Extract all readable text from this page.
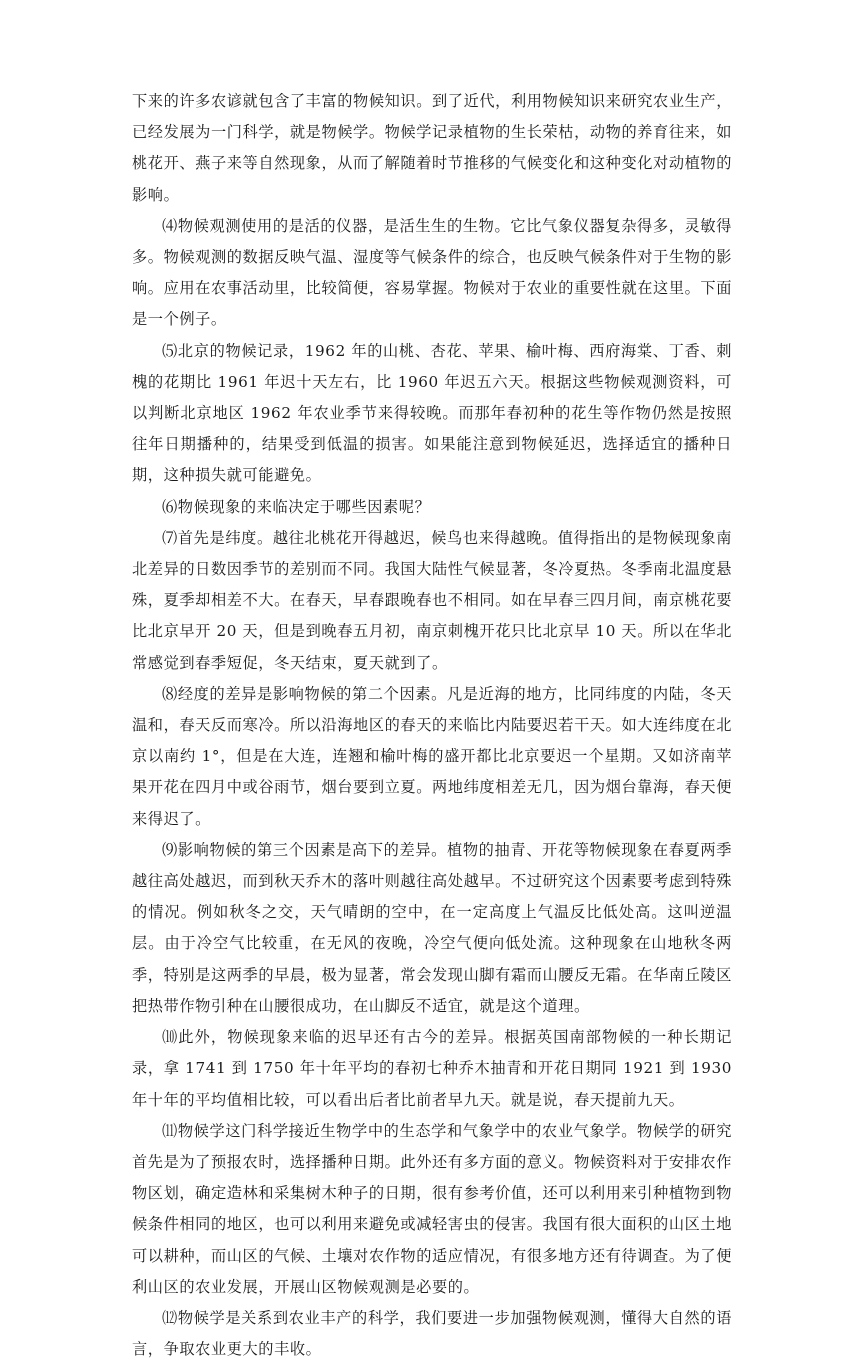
下来的许多农谚就包含了丰富的物候知识。到了近代，利用物候知识来研究农业生产，已经发展为一门科学，就是物候学。物候学记录植物的生长荣枯，动物的养育往来，如桃花开、燕子来等自然现象，从而了解随着时节推移的气候变化和这种变化对动植物的影响。

⑷物候观测使用的是活的仪器，是活生生的生物。它比气象仪器复杂得多，灵敏得多。物候观测的数据反映气温、湿度等气候条件的综合，也反映气候条件对于生物的影响。应用在农事活动里，比较简便，容易掌握。物候对于农业的重要性就在这里。下面是一个例子。

⑸北京的物候记录，1962 年的山桃、杏花、苹果、榆叶梅、西府海棠、丁香、刺槐的花期比 1961 年迟十天左右，比 1960 年迟五六天。根据这些物候观测资料，可以判断北京地区 1962 年农业季节来得较晚。而那年春初种的花生等作物仍然是按照往年日期播种的，结果受到低温的损害。如果能注意到物候延迟，选择适宜的播种日期，这种损失就可能避免。

⑹物候现象的来临决定于哪些因素呢？

⑺首先是纬度。越往北桃花开得越迟，候鸟也来得越晚。值得指出的是物候现象南北差异的日数因季节的差别而不同。我国大陆性气候显著，冬冷夏热。冬季南北温度悬殊，夏季却相差不大。在春天，早春跟晚春也不相同。如在早春三四月间，南京桃花要比北京早开 20 天，但是到晚春五月初，南京刺槐开花只比北京早 10 天。所以在华北常感觉到春季短促，冬天结束，夏天就到了。

⑻经度的差异是影响物候的第二个因素。凡是近海的地方，比同纬度的内陆，冬天温和，春天反而寒冷。所以沿海地区的春天的来临比内陆要迟若干天。如大连纬度在北京以南约 1°，但是在大连，连翘和榆叶梅的盛开都比北京要迟一个星期。又如济南苹果开花在四月中或谷雨节，烟台要到立夏。两地纬度相差无几，因为烟台靠海，春天便来得迟了。

⑼影响物候的第三个因素是高下的差异。植物的抽青、开花等物候现象在春夏两季越往高处越迟，而到秋天乔木的落叶则越往高处越早。不过研究这个因素要考虑到特殊的情况。例如秋冬之交，天气晴朗的空中，在一定高度上气温反比低处高。这叫逆温层。由于冷空气比较重，在无风的夜晚，冷空气便向低处流。这种现象在山地秋冬两季，特别是这两季的早晨，极为显著，常会发现山脚有霜而山腰反无霜。在华南丘陵区把热带作物引种在山腰很成功，在山脚反不适宜，就是这个道理。

⑽此外，物候现象来临的迟早还有古今的差异。根据英国南部物候的一种长期记录，拿 1741 到 1750 年十年平均的春初七种乔木抽青和开花日期同 1921 到 1930 年十年的平均值相比较，可以看出后者比前者早九天。就是说，春天提前九天。

⑾物候学这门科学接近生物学中的生态学和气象学中的农业气象学。物候学的研究首先是为了预报农时，选择播种日期。此外还有多方面的意义。物候资料对于安排农作物区划，确定造林和采集树木种子的日期，很有参考价值，还可以利用来引种植物到物候条件相同的地区，也可以利用来避免或减轻害虫的侵害。我国有很大面积的山区土地可以耕种，而山区的气候、土壤对农作物的适应情况，有很多地方还有待调查。为了便利山区的农业发展，开展山区物候观测是必要的。

⑿物候学是关系到农业丰产的科学，我们要进一步加强物候观测，懂得大自然的语言，争取农业更大的丰收。
